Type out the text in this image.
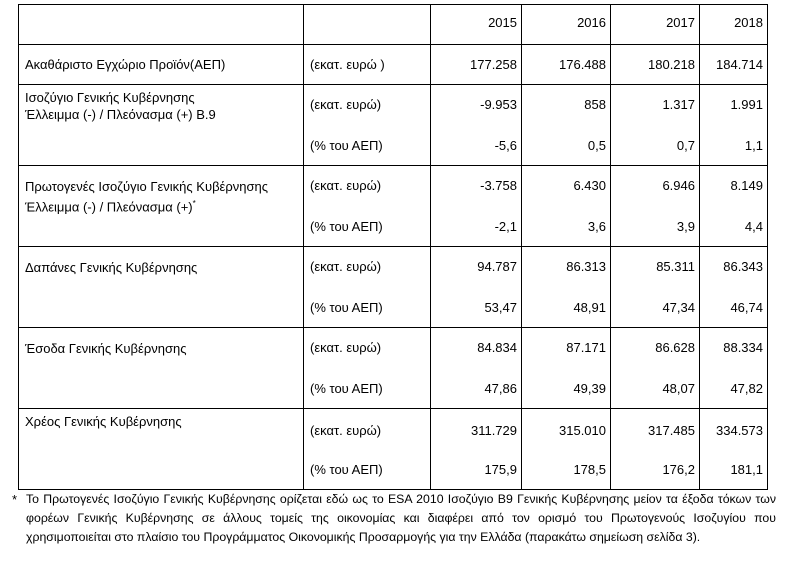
		2015	2016	2017	2018

Ακαθάριστο Εγχώριο Προϊόν(ΑΕΠ)	(εκατ. ευρώ )	177.258	176.488	180.218	184.714

Ισοζύγιο Γενικής Κυβέρνησης
Έλλειμμα (-) / Πλεόνασμα (+) Β.9	(εκατ. ευρώ)	-9.953	858	1.317	1.991

	(% του ΑΕΠ)	-5,6	0,5	0,7	1,1

Πρωτογενές Ισοζύγιο Γενικής Κυβέρνησης
Έλλειμμα (-) / Πλεόνασμα (+)*	(εκατ. ευρώ)	-3.758	6.430	6.946	8.149

	(% του ΑΕΠ)	-2,1	3,6	3,9	4,4

Δαπάνες Γενικής Κυβέρνησης	(εκατ. ευρώ)	94.787	86.313	85.311	86.343

	(% του ΑΕΠ)	53,47	48,91	47,34	46,74

Έσοδα Γενικής Κυβέρνησης	(εκατ. ευρώ)	84.834	87.171	86.628	88.334

	(% του ΑΕΠ)	47,86	49,39	48,07	47,82

Χρέος Γενικής Κυβέρνησης	(εκατ. ευρώ)	311.729	315.010	317.485	334.573

	(% του ΑΕΠ)	175,9	178,5	176,2	181,1
* Το Πρωτογενές Ισοζύγιο Γενικής Κυβέρνησης ορίζεται εδώ ως το ESA 2010 Ισοζύγιο Β9 Γενικής Κυβέρνησης μείον τα έξοδα τόκων των φορέων Γενικής Κυβέρνησης σε άλλους τομείς της οικονομίας και διαφέρει από τον ορισμό του Πρωτογενούς Ισοζυγίου που χρησιμοποιείται στο πλαίσιο του Προγράμματος Οικονομικής Προσαρμογής για την Ελλάδα (παρακάτω σημείωση σελίδα 3).
